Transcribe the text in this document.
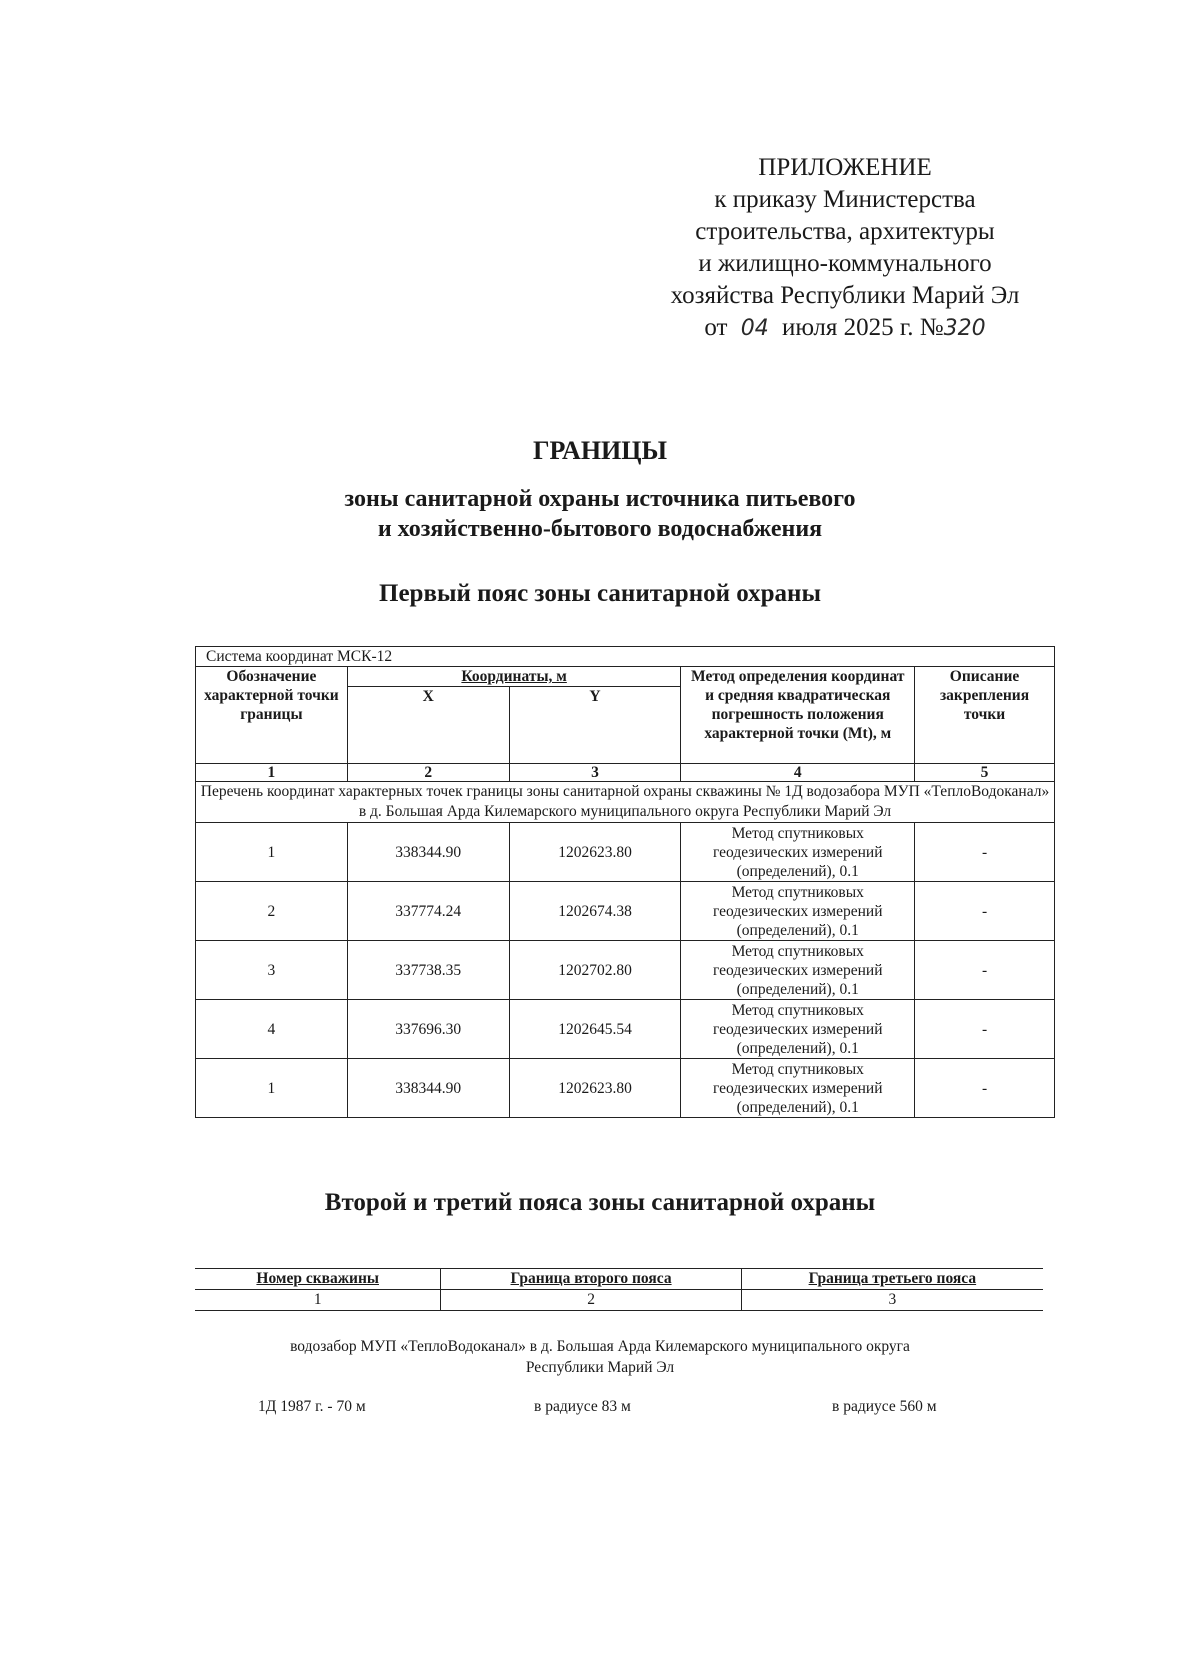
ПРИЛОЖЕНИЕ
к приказу Министерства
строительства, архитектуры
и жилищно-коммунального
хозяйства Республики Марий Эл
от 04 июля 2025 г. №320
ГРАНИЦЫ
зоны санитарной охраны источника питьевого
и хозяйственно-бытового водоснабжения
Первый пояс зоны санитарной охраны
Система координат МСК-12				
Обозначение характерной точки границы	Координаты, м		Метод определения координат и средняя квадратическая погрешность положения характерной точки (Mt), м	Описание закрепления точки
	X	Y		
1	2	3	4	5
Перечень координат характерных точек границы зоны санитарной охраны скважины № 1Д водозабора МУП «ТеплоВодоканал» в д. Большая Арда Килемарского муниципального округа Республики Марий Эл				
1	338344.90	1202623.80	Метод спутниковых геодезических измерений (определений), 0.1	-
2	337774.24	1202674.38	Метод спутниковых геодезических измерений (определений), 0.1	-
3	337738.35	1202702.80	Метод спутниковых геодезических измерений (определений), 0.1	-
4	337696.30	1202645.54	Метод спутниковых геодезических измерений (определений), 0.1	-
1	338344.90	1202623.80	Метод спутниковых геодезических измерений (определений), 0.1	-
Второй и третий пояса зоны санитарной охраны
Номер скважины	Граница второго пояса	Граница третьего пояса
1	2	3
водозабор МУП «ТеплоВодоканал» в д. Большая Арда Килемарского муниципального округа
Республики Марий Эл
1Д 1987 г. - 70 м	в радиусе 83 м	в радиусе 560 м
